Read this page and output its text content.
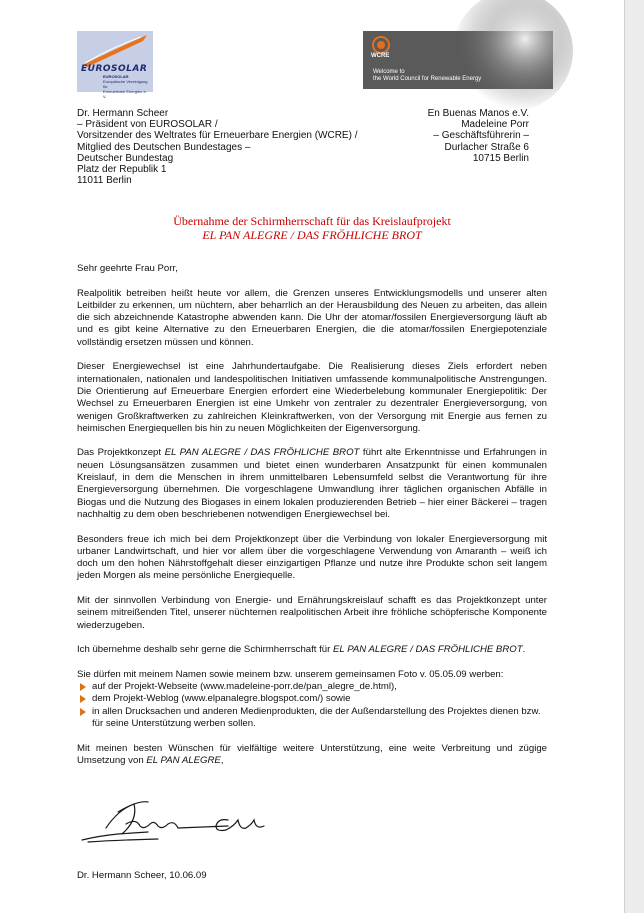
EUROSOLAR
EUROSOLAR
Europäische Vereinigung für
Erneuerbare Energien e. V.
WCRE
Welcome to
the World Council for Renewable Energy
Dr. Hermann Scheer
– Präsident von EUROSOLAR /
Vorsitzender des Weltrates für Erneuerbare Energien (WCRE) /
Mitglied des Deutschen Bundestages –
Deutscher Bundestag
Platz der Republik 1
11011 Berlin
En Buenas Manos e.V.
Madeleine Porr
– Geschäftsführerin –
Durlacher Straße 6
10715 Berlin
Übernahme der Schirmherrschaft für das Kreislaufprojekt
EL PAN ALEGRE / DAS FRÖHLICHE BROT

Sehr geehrte Frau Porr,

Realpolitik betreiben heißt heute vor allem, die Grenzen unseres Entwicklungsmodells und unserer alten Leitbilder zu erkennen, um nüchtern, aber beharrlich an der Herausbildung des Neuen zu arbeiten, das allein die sich abzeichnende Katastrophe abwenden kann. Die Uhr der atomar/fossilen Energieversorgung läuft ab und es gibt keine Alternative zu den Erneuerbaren Energien, die die atomar/fossilen Energiepotenziale vollständig ersetzen müssen und können.

Dieser Energiewechsel ist eine Jahrhundertaufgabe. Die Realisierung dieses Ziels erfordert neben internationalen, nationalen und landespolitischen Initiativen umfassende kommunalpolitische Anstrengungen. Die Orientierung auf Erneuerbare Energien erfordert eine Wiederbelebung kommunaler Energiepolitik: Der Wechsel zu Erneuerbaren Energien ist eine Umkehr von zentraler zu dezentraler Energieversorgung, von wenigen Großkraftwerken zu zahlreichen Kleinkraftwerken, von der Versorgung mit Energie aus fernen zu heimischen Energiequellen bis hin zu neuen Möglichkeiten der Eigenversorgung.

Das Projektkonzept EL PAN ALEGRE / DAS FRÖHLICHE BROT führt alte Erkenntnisse und Erfahrungen in neuen Lösungsansätzen zusammen und bietet einen wunderbaren Ansatzpunkt für einen kommunalen Kreislauf, in dem die Menschen in ihrem unmittelbaren Lebensumfeld selbst die Verantwortung für ihre Energieversorgung übernehmen. Die vorgeschlagene Umwandlung ihrer täglichen organischen Abfälle in Biogas und die Nutzung des Biogases in einem lokalen produzierenden Betrieb – hier einer Bäckerei – tragen nachhaltig zu dem oben beschriebenen notwendigen Energiewechsel bei.

Besonders freue ich mich bei dem Projektkonzept über die Verbindung von lokaler Energieversorgung mit urbaner Landwirtschaft, und hier vor allem über die vorgeschlagene Verwendung von Amaranth – weiß ich doch um den hohen Nährstoffgehalt dieser einzigartigen Pflanze und nutze ihre Produkte schon seit langem jeden Morgen als meine persönliche Energiequelle.

Mit der sinnvollen Verbindung von Energie- und Ernährungskreislauf schafft es das Projektkonzept unter seinem mitreißenden Titel, unserer nüchternen realpolitischen Arbeit ihre fröhliche schöpferische Komponente wiederzugeben.

Ich übernehme deshalb sehr gerne die Schirmherrschaft für EL PAN ALEGRE / DAS FRÖHLICHE BROT.

Sie dürfen mit meinem Namen sowie meinem bzw. unserem gemeinsamen Foto v. 05.05.09 werben:

auf der Projekt-Webseite (www.madeleine-porr.de/pan_alegre_de.html),
dem Projekt-Weblog (www.elpanalegre.blogspot.com/) sowie
in allen Drucksachen und anderen Medienprodukten, die der Außendarstellung des Projektes dienen bzw. für seine Unterstützung werben sollen.

Mit meinen besten Wünschen für vielfältige weitere Unterstützung, eine weite Verbreitung und zügige Umsetzung von EL PAN ALEGRE,

Dr. Hermann Scheer, 10.06.09
